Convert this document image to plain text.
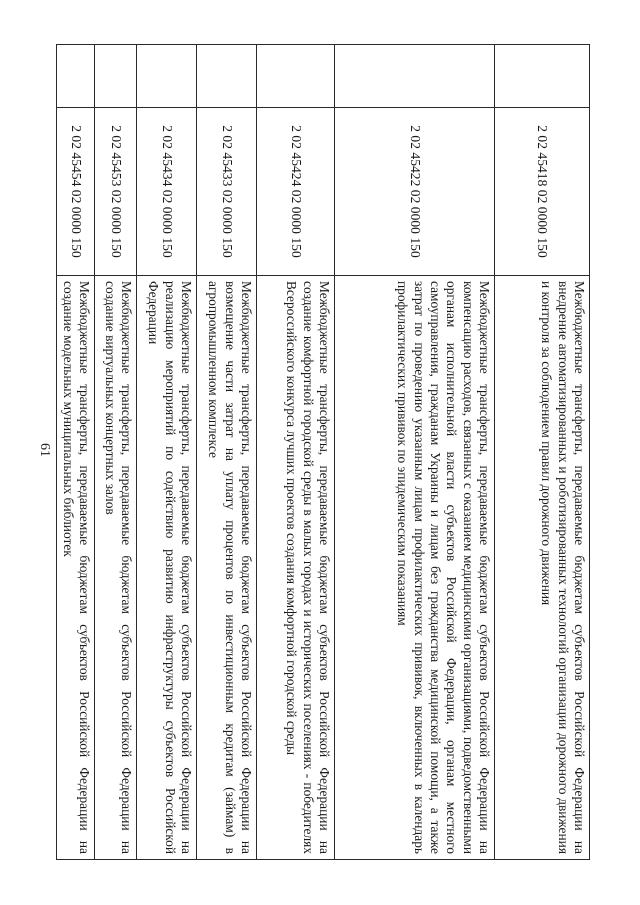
61
	2 02 45418 02 0000 150	Межбюджетные трансферты, передаваемые бюджетам субъектов Российской Федерации на внедрение автоматизированных и роботизированных технологий организации дорожного движения и контроля за соблюдением правил дорожного движения
	2 02 45422 02 0000 150	Межбюджетные трансферты, передаваемые бюджетам субъектов Российской Федерации на компенсацию расходов, связанных с оказанием медицинскими организациями, подведомственными органам исполнительной власти субъектов Российской Федерации, органам местного самоуправления, гражданам Украины и лицам без гражданства медицинской помощи, а также затрат по проведению указанным лицам профилактических прививок, включенных в календарь профилактических прививок по эпидемическим показаниям
	2 02 45424 02 0000 150	Межбюджетные трансферты, передаваемые бюджетам субъектов Российской Федерации на создание комфортной городской среды в малых городах и исторических поселениях - победителях Всероссийского конкурса лучших проектов создания комфортной городской среды
	2 02 45433 02 0000 150	Межбюджетные трансферты, передаваемые бюджетам субъектов Российской Федерации на возмещение части затрат на уплату процентов по инвестиционным кредитам (займам) в агропромышленном комплексе
	2 02 45434 02 0000 150	Межбюджетные трансферты, передаваемые бюджетам субъектов Российской Федерации на реализацию мероприятий по содействию развитию инфраструктуры субъектов Российской Федерации
	2 02 45453 02 0000 150	Межбюджетные трансферты, передаваемые бюджетам субъектов Российской Федерации на создание виртуальных концертных залов
	2 02 45454 02 0000 150	Межбюджетные трансферты, передаваемые бюджетам субъектов Российской Федерации на создание модельных муниципальных библиотек
